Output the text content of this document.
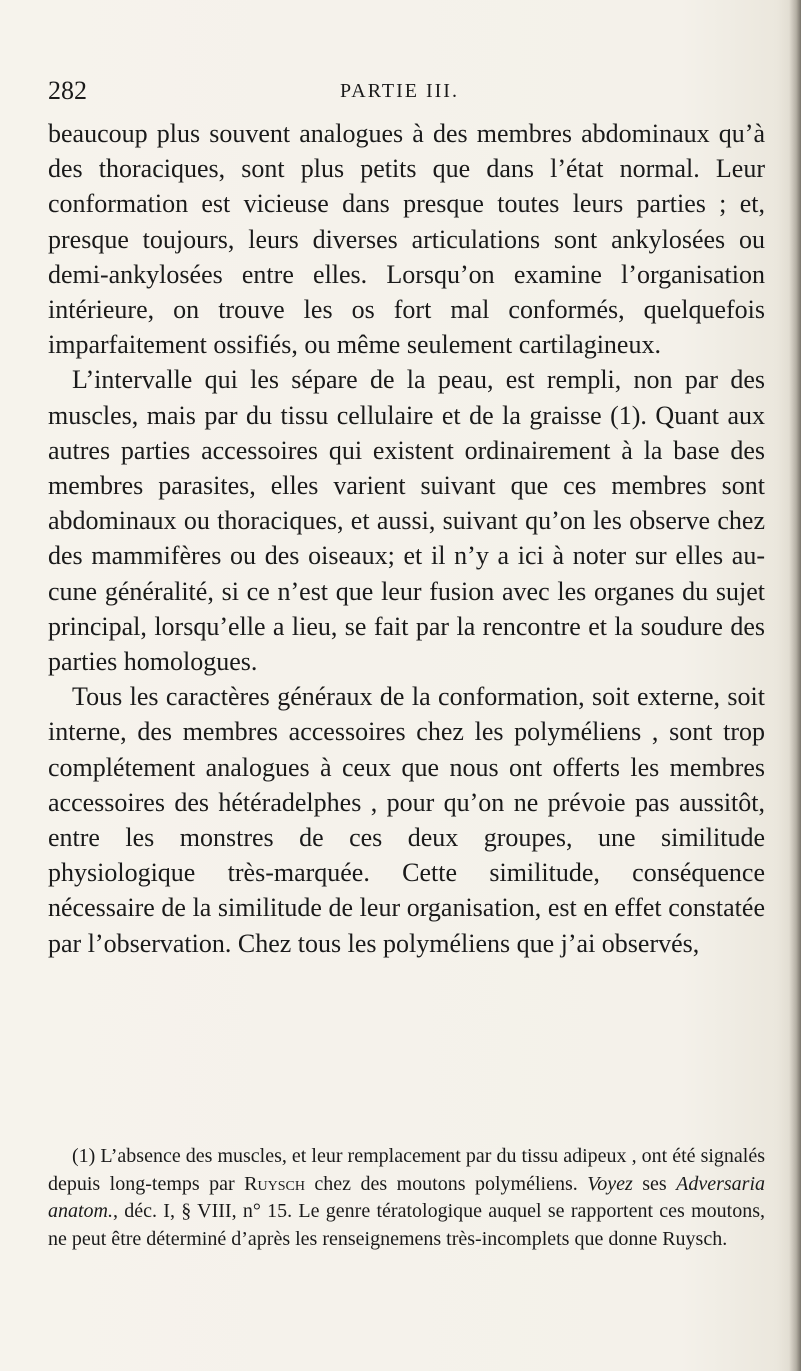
282	PARTIE III.

beaucoup plus souvent analogues à des membres abdominaux qu’à des thoraciques, sont plus petits que dans l’état normal. Leur conformation est vicieuse dans presque toutes leurs parties ; et, presque toujours, leurs diverses articulations sont ankylosées ou demi-ankylosées entre elles. Lorsqu’on examine l’organisation intérieure, on trouve les os fort mal conformés, quelquefois imparfaitement ossifiés, ou même seulement cartilagineux.

L’intervalle qui les sépare de la peau, est rempli, non par des muscles, mais par du tissu cellulaire et de la graisse (1). Quant aux autres parties accessoires qui existent ordinairement à la base des membres parasites, elles varient suivant que ces membres sont abdominaux ou thoraciques, et aussi, suivant qu’on les observe chez des mammifères ou des oiseaux; et il n’y a ici à noter sur elles aucune généralité, si ce n’est que leur fusion avec les organes du sujet principal, lorsqu’elle a lieu, se fait par la rencontre et la soudure des parties homologues.

Tous les caractères généraux de la conformation, soit externe, soit interne, des membres accessoires chez les polyméliens , sont trop complétement analogues à ceux que nous ont offerts les membres accessoires des hétéradelphes , pour qu’on ne prévoie pas aussitôt, entre les monstres de ces deux groupes, une similitude physiologique très-marquée. Cette similitude, conséquence nécessaire de la similitude de leur organisation, est en effet constatée par l’observation. Chez tous les polyméliens que j’ai observés,

(1) L’absence des muscles, et leur remplacement par du tissu adipeux , ont été signalés depuis long-temps par Ruysch chez des moutons polyméliens. Voyez ses Adversaria anatom., déc. I, § VIII, n° 15. Le genre tératologique auquel se rapportent ces moutons, ne peut être déterminé d’après les renseignemens très-incomplets que donne Ruysch.
